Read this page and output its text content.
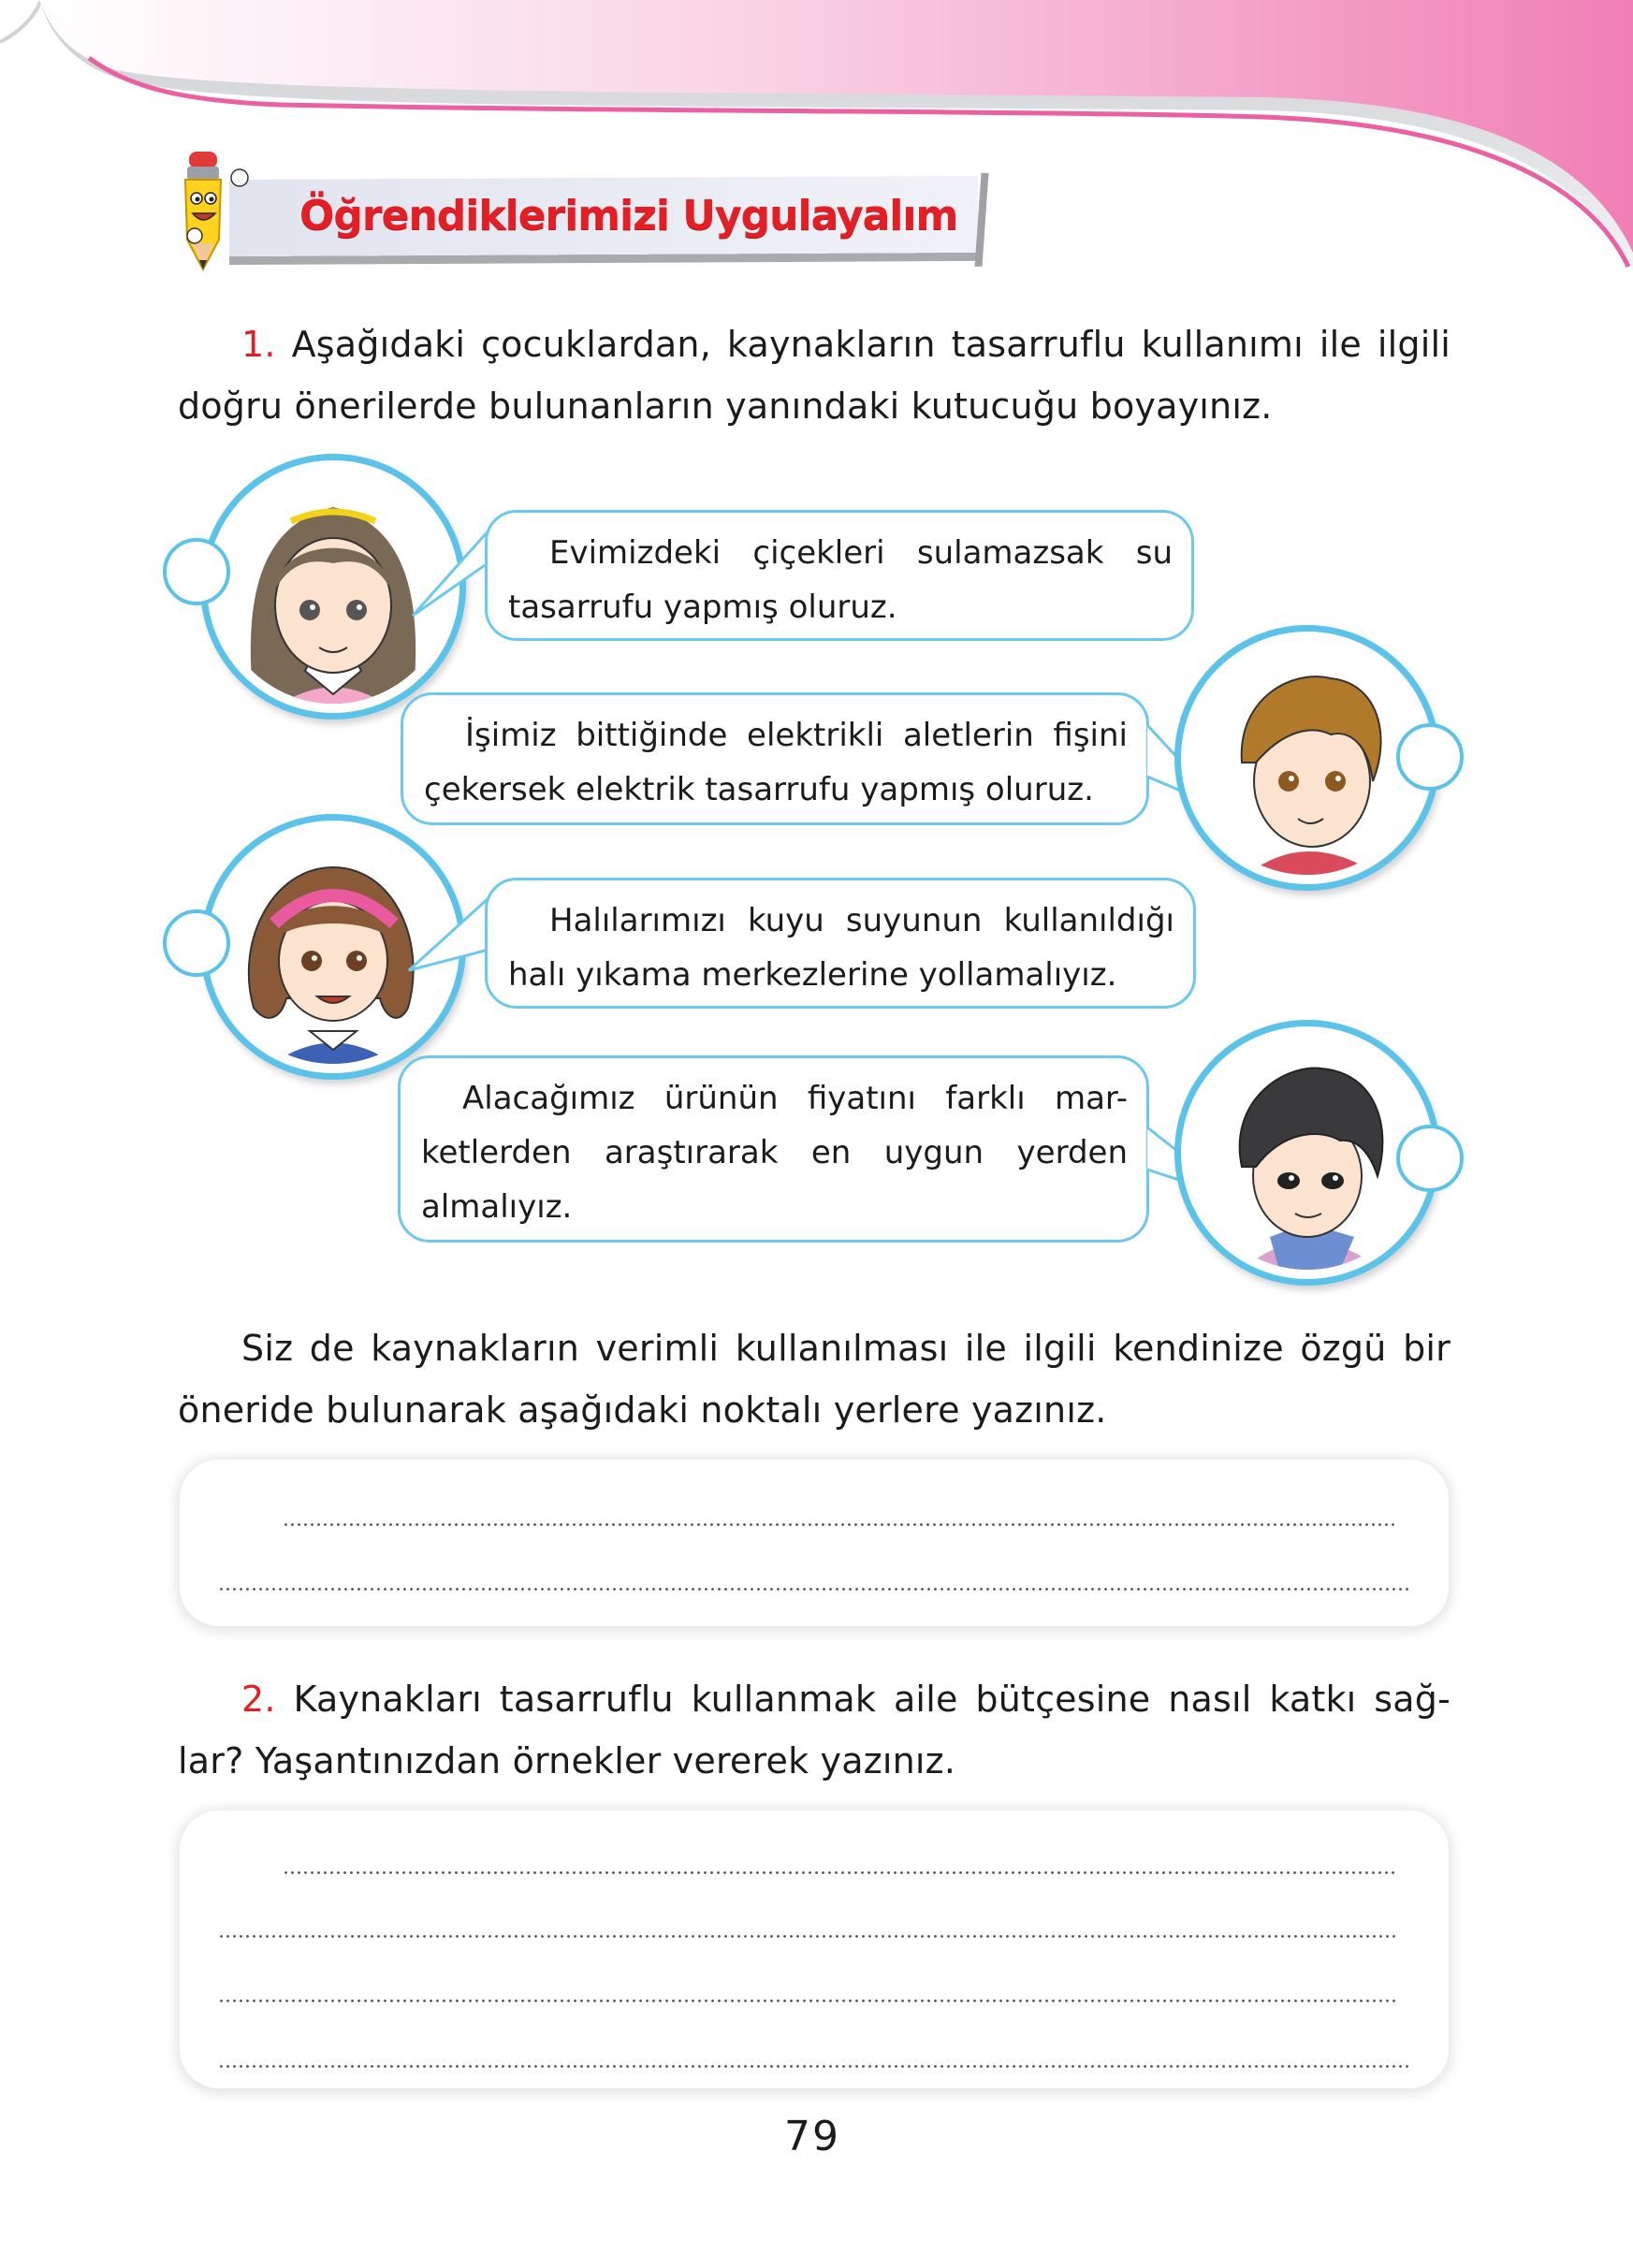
Öğrendiklerimizi Uygulayalım
1. Aşağıdaki çocuklardan, kaynakların tasarruflu kullanımı ile ilgili doğru önerilerde bulunanların yanındaki kutucuğu boyayınız.
Evimizdeki çiçekleri sulamazsak su tasarrufu yapmış oluruz.
İşimiz bittiğinde elektrikli aletlerin fişini çekersek elektrik tasarrufu yapmış oluruz.
Halılarımızı kuyu suyunun kullanıldığı halı yıkama merkezlerine yollamalıyız.
Alacağımız ürünün fiyatını farklı mar-ketlerden araştırarak en uygun yerden almalıyız.
Siz de kaynakların verimli kullanılması ile ilgili kendinize özgü bir öneride bulunarak aşağıdaki noktalı yerlere yazınız.
2. Kaynakları tasarruflu kullanmak aile bütçesine nasıl katkı sağ-lar? Yaşantınızdan örnekler vererek yazınız.
79
